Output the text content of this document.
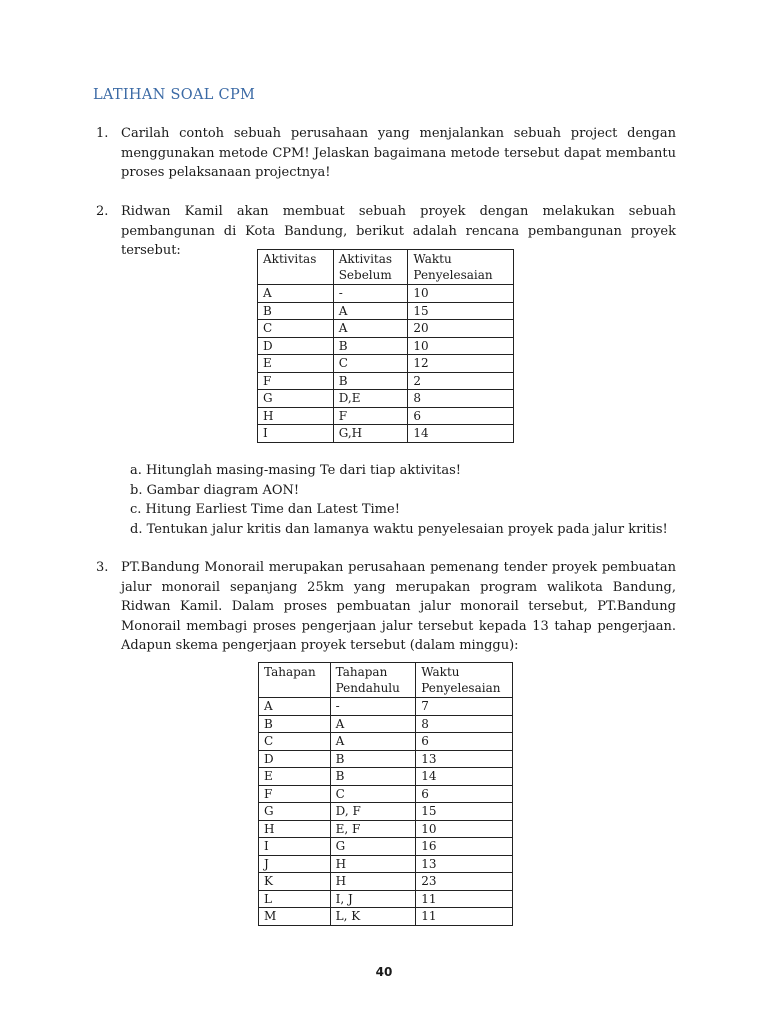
LATIHAN SOAL CPM
1. Carilah contoh sebuah perusahaan yang menjalankan sebuah project dengan menggunakan metode CPM! Jelaskan bagaimana metode tersebut dapat membantu proses pelaksanaan projectnya!
2. Ridwan Kamil akan membuat sebuah proyek dengan melakukan sebuah pembangunan di Kota Bandung, berikut adalah rencana pembangunan proyek tersebut:
Aktivitas	Aktivitas Sebelum	Waktu Penyelesaian
A	-	10
B	A	15
C	A	20
D	B	10
E	C	12
F	B	2
G	D,E	8
H	F	6
I	G,H	14
a. Hitunglah masing-masing Te dari tiap aktivitas!
b. Gambar diagram AON!
c. Hitung Earliest Time dan Latest Time!
d. Tentukan jalur kritis dan lamanya waktu penyelesaian proyek pada jalur kritis!
3. PT.Bandung Monorail merupakan perusahaan pemenang tender proyek pembuatan jalur monorail sepanjang 25km yang merupakan program walikota Bandung, Ridwan Kamil. Dalam proses pembuatan jalur monorail tersebut, PT.Bandung Monorail membagi proses pengerjaan jalur tersebut kepada 13 tahap pengerjaan. Adapun skema pengerjaan proyek tersebut (dalam minggu):
Tahapan	Tahapan Pendahulu	Waktu Penyelesaian
A	-	7
B	A	8
C	A	6
D	B	13
E	B	14
F	C	6
G	D, F	15
H	E, F	10
I	G	16
J	H	13
K	H	23
L	I, J	11
M	L, K	11
40
